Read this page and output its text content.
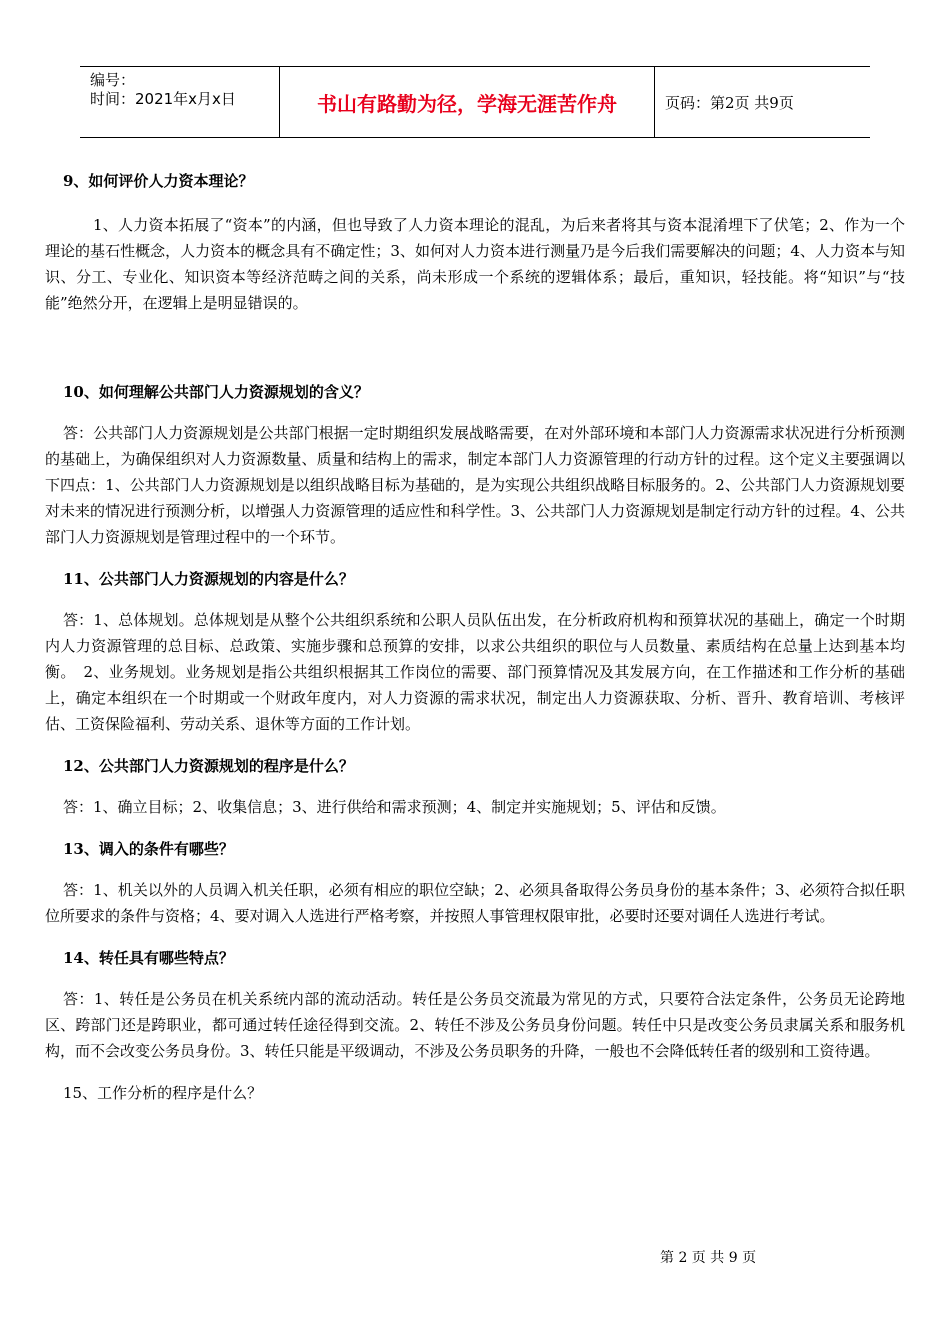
编号：
时间：2021年x月x日	书山有路勤为径，学海无涯苦作舟	页码：第2页 共9页

9、如何评价人力资本理论？

1、人力资本拓展了“资本”的内涵，但也导致了人力资本理论的混乱，为后来者将其与资本混淆埋下了伏笔；2、作为一个理论的基石性概念，人力资本的概念具有不确定性；3、如何对人力资本进行测量乃是今后我们需要解决的问题；4、人力资本与知识、分工、专业化、知识资本等经济范畴之间的关系，尚未形成一个系统的逻辑体系；最后，重知识，轻技能。将“知识”与“技能”绝然分开，在逻辑上是明显错误的。

10、如何理解公共部门人力资源规划的含义？

答：公共部门人力资源规划是公共部门根据一定时期组织发展战略需要，在对外部环境和本部门人力资源需求状况进行分析预测的基础上，为确保组织对人力资源数量、质量和结构上的需求，制定本部门人力资源管理的行动方针的过程。这个定义主要强调以下四点：1、公共部门人力资源规划是以组织战略目标为基础的，是为实现公共组织战略目标服务的。2、公共部门人力资源规划要对未来的情况进行预测分析，以增强人力资源管理的适应性和科学性。3、公共部门人力资源规划是制定行动方针的过程。4、公共部门人力资源规划是管理过程中的一个环节。

11、公共部门人力资源规划的内容是什么？

答：1、总体规划。总体规划是从整个公共组织系统和公职人员队伍出发，在分析政府机构和预算状况的基础上，确定一个时期内人力资源管理的总目标、总政策、实施步骤和总预算的安排，以求公共组织的职位与人员数量、素质结构在总量上达到基本均衡。　2、业务规划。业务规划是指公共组织根据其工作岗位的需要、部门预算情况及其发展方向，在工作描述和工作分析的基础上，确定本组织在一个时期或一个财政年度内，对人力资源的需求状况，制定出人力资源获取、分析、晋升、教育培训、考核评估、工资保险福利、劳动关系、退休等方面的工作计划。

12、公共部门人力资源规划的程序是什么？

答：1、确立目标；2、收集信息；3、进行供给和需求预测；4、制定并实施规划；5、评估和反馈。

13、调入的条件有哪些？

答：1、机关以外的人员调入机关任职，必须有相应的职位空缺；2、必须具备取得公务员身份的基本条件；3、必须符合拟任职位所要求的条件与资格；4、要对调入人选进行严格考察，并按照人事管理权限审批，必要时还要对调任人选进行考试。

14、转任具有哪些特点？

答：1、转任是公务员在机关系统内部的流动活动。转任是公务员交流最为常见的方式，只要符合法定条件，公务员无论跨地区、跨部门还是跨职业，都可通过转任途径得到交流。2、转任不涉及公务员身份问题。转任中只是改变公务员隶属关系和服务机构，而不会改变公务员身份。3、转任只能是平级调动，不涉及公务员职务的升降，一般也不会降低转任者的级别和工资待遇。

15、工作分析的程序是什么？

第 2 页 共 9 页
